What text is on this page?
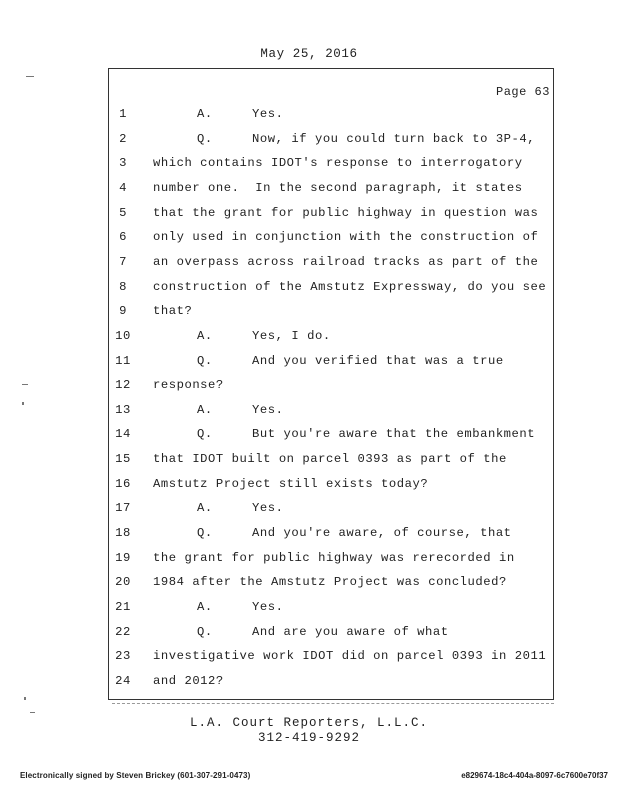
May 25, 2016
Page 63
1	A.     Yes.
2	Q.     Now, if you could turn back to 3P-4,
3	which contains IDOT's response to interrogatory
4	number one.  In the second paragraph, it states
5	that the grant for public highway in question was
6	only used in conjunction with the construction of
7	an overpass across railroad tracks as part of the
8	construction of the Amstutz Expressway, do you see
9	that?
10	A.     Yes, I do.
11	Q.     And you verified that was a true
12 response?
13	A.     Yes.
14	Q.     But you're aware that the embankment
15 that IDOT built on parcel 0393 as part of the
16 Amstutz Project still exists today?
17	A.     Yes.
18	Q.     And you're aware, of course, that
19 the grant for public highway was rerecorded in
20 1984 after the Amstutz Project was concluded?
21	A.     Yes.
22	Q.     And are you aware of what
23 investigative work IDOT did on parcel 0393 in 2011
24 and 2012?
L.A. Court Reporters, L.L.C.
312-419-9292
Electronically signed by Steven Brickey (601-307-291-0473)	e829674-18c4-404a-8097-6c7600e70f37
